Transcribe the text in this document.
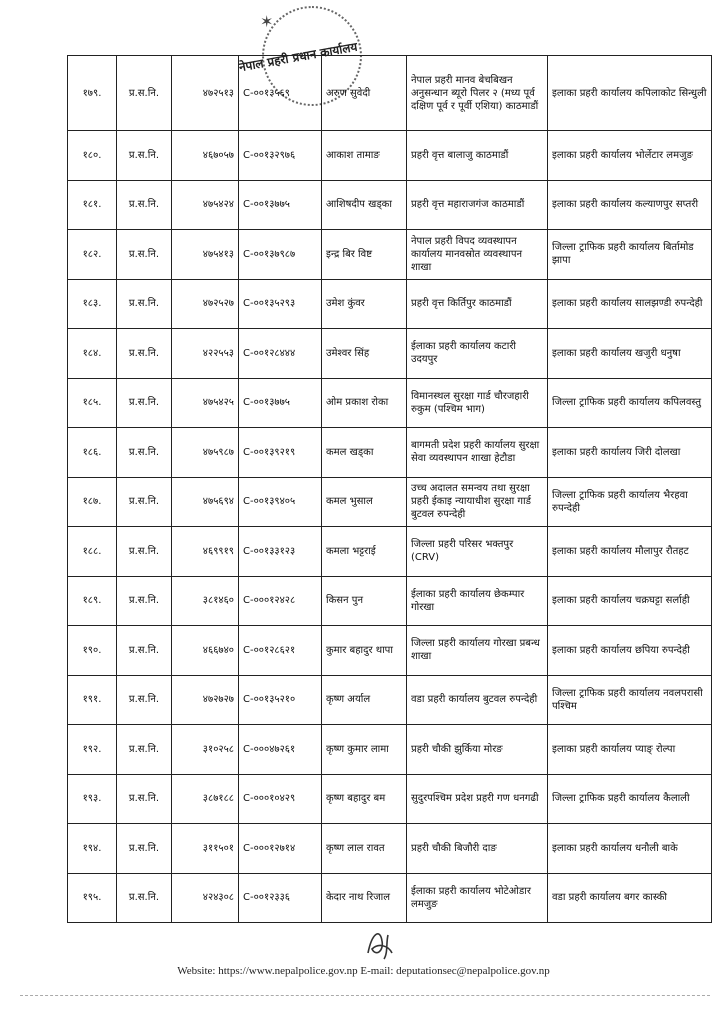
✶
नेपाल प्रहरी प्रधान कार्यालय
१७९.	प्र.स.नि.	४७२५१३	C-००१३५६९	अरुण सुवेदी	नेपाल प्रहरी मानव बेचबिखन अनुसन्धान ब्यूरो पिलर २ (मध्य पूर्व दक्षिण पूर्व र पूर्वी एशिया) काठमाडौं	इलाका प्रहरी कार्यालय कपिलाकोट सिन्धुली
१८०.	प्र.स.नि.	४६७०५७	C-००१३२९७६	आकाश तामाङ	प्रहरी वृत्त बालाजु काठमाडौं	इलाका प्रहरी कार्यालय भोर्लेटार लमजुङ
१८१.	प्र.स.नि.	४७५४२४	C-००१३७७५	आशिषदीप खड्का	प्रहरी वृत्त महाराजगंज काठमाडौं	इलाका प्रहरी कार्यालय कल्याणपुर सप्तरी
१८२.	प्र.स.नि.	४७५४१३	C-००१३७९८७	इन्द्र बिर विष्ट	नेपाल प्रहरी विपद व्यवस्थापन कार्यालय मानवस्रोत व्यवस्थापन शाखा	जिल्ला ट्राफिक प्रहरी कार्यालय बिर्तामोड झापा
१८३.	प्र.स.नि.	४७२५२७	C-००१३५२९३	उमेश कुंवर	प्रहरी वृत्त किर्तिपुर काठमाडौं	इलाका प्रहरी कार्यालय सालझण्डी रुपन्देही
१८४.	प्र.स.नि.	४२२५५३	C-००१२८४४४	उमेश्वर सिंह	ईलाका प्रहरी कार्यालय कटारी उदयपुर	इलाका प्रहरी कार्यालय खजुरी धनुषा
१८५.	प्र.स.नि.	४७५४२५	C-००१३७७५	ओम प्रकाश रोका	विमानस्थल सुरक्षा गार्ड चौरजहारी रुकुम (पश्चिम भाग)	जिल्ला ट्राफिक प्रहरी कार्यालय कपिलवस्तु
१८६.	प्र.स.नि.	४७५९८७	C-००१३९२१९	कमल खड्का	बागमती प्रदेश प्रहरी कार्यालय सुरक्षा सेवा व्यवस्थापन शाखा हेटौडा	इलाका प्रहरी कार्यालय जिरी दोलखा
१८७.	प्र.स.नि.	४७५६९४	C-००१३९४०५	कमल भुसाल	उच्च अदालत समन्वय तथा सुरक्षा प्रहरी ईकाइ न्यायाधीश सुरक्षा गार्ड बुटवल रुपन्देही	जिल्ला ट्राफिक प्रहरी कार्यालय भैरहवा रुपन्देही
१८८.	प्र.स.नि.	४६९९१९	C-००१३३१२३	कमला भट्टराई	जिल्ला प्रहरी परिसर भक्तपुर (CRV)	इलाका प्रहरी कार्यालय मौलापुर रौतहट
१८९.	प्र.स.नि.	३८१४६०	C-०००१२४२८	किसन पुन	ईलाका प्रहरी कार्यालय छेकम्पार गोरखा	इलाका प्रहरी कार्यालय चक्रघट्टा सर्लाही
१९०.	प्र.स.नि.	४६६७४०	C-००१२८६२१	कुमार बहादुर थापा	जिल्ला प्रहरी कार्यालय गोरखा प्रबन्ध शाखा	इलाका प्रहरी कार्यालय छपिया रुपन्देही
१९१.	प्र.स.नि.	४७२७२७	C-००१३५२१०	कृष्ण अर्याल	वडा प्रहरी कार्यालय बुटवल रुपन्देही	जिल्ला ट्राफिक प्रहरी कार्यालय नवलपरासी पश्चिम
१९२.	प्र.स.नि.	३१०२५८	C-०००४७२६१	कृष्ण कुमार लामा	प्रहरी चौकी झुर्किया मोरङ	इलाका प्रहरी कार्यालय प्याङ् रोल्पा
१९३.	प्र.स.नि.	३८७१८८	C-०००१०४२९	कृष्ण बहादुर बम	सुदुरपश्चिम प्रदेश प्रहरी गण धनगढी	जिल्ला ट्राफिक प्रहरी कार्यालय कैलाली
१९४.	प्र.स.नि.	३११५०१	C-०००१२७१४	कृष्ण लाल रावत	प्रहरी चौकी बिजौरी दाङ	इलाका प्रहरी कार्यालय धनौली बाके
१९५.	प्र.स.नि.	४२४३०८	C-००१२३३६	केदार नाथ रिजाल	ईलाका प्रहरी कार्यालय भोटेओडार लमजुङ	वडा प्रहरी कार्यालय बगर कास्की
Website: https://www.nepalpolice.gov.np E-mail: deputationsec@nepalpolice.gov.np
